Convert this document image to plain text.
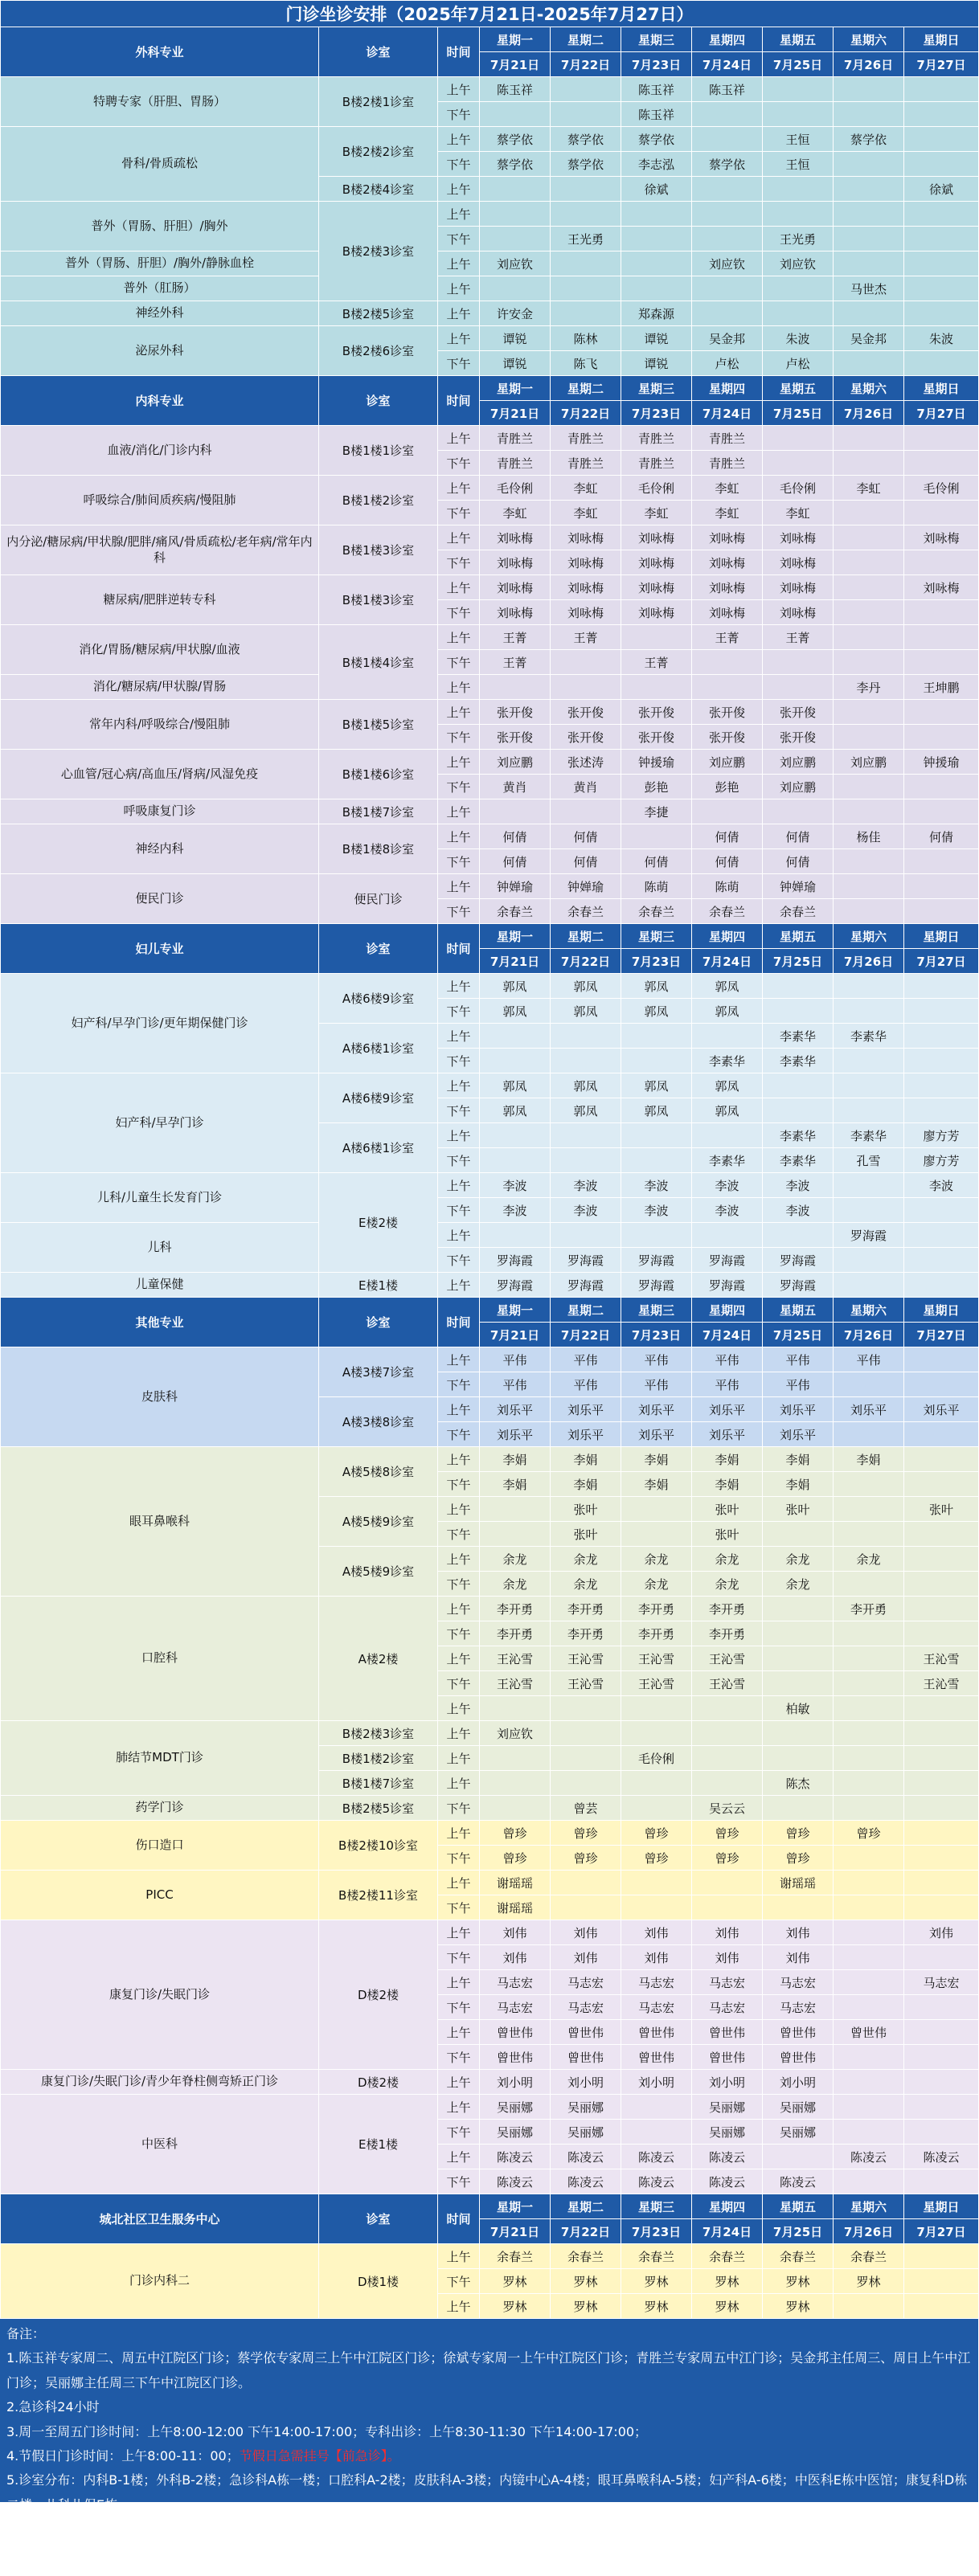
门诊坐诊安排（2025年7月21日-2025年7月27日）									
外科专业	诊室	时间	星期一	星期二	星期三	星期四	星期五	星期六	星期日
			7月21日	7月22日	7月23日	7月24日	7月25日	7月26日	7月27日
特聘专家（肝胆、胃肠）	B楼2楼1诊室	上午	陈玉祥		陈玉祥	陈玉祥			
		下午			陈玉祥				
骨科/骨质疏松	B楼2楼2诊室	上午	蔡学依	蔡学依	蔡学依		王恒	蔡学依	
		下午	蔡学依	蔡学依	李志泓	蔡学依	王恒		
	B楼2楼4诊室	上午			徐斌				徐斌
普外（胃肠、肝胆）/胸外	B楼2楼3诊室	上午							
		下午		王光勇			王光勇		
普外（胃肠、肝胆）/胸外/静脉血栓		上午	刘应钦			刘应钦	刘应钦		
普外（肛肠）		上午						马世杰	
神经外科	B楼2楼5诊室	上午	许安金		郑森源				
泌尿外科	B楼2楼6诊室	上午	谭锐	陈林	谭锐	吴金邦	朱波	吴金邦	朱波
		下午	谭锐	陈飞	谭锐	卢松	卢松		
内科专业	诊室	时间	星期一	星期二	星期三	星期四	星期五	星期六	星期日
			7月21日	7月22日	7月23日	7月24日	7月25日	7月26日	7月27日
血液/消化/门诊内科	B楼1楼1诊室	上午	青胜兰	青胜兰	青胜兰	青胜兰			
		下午	青胜兰	青胜兰	青胜兰	青胜兰			
呼吸综合/肺间质疾病/慢阻肺	B楼1楼2诊室	上午	毛伶俐	李虹	毛伶俐	李虹	毛伶俐	李虹	毛伶俐
		下午	李虹	李虹	李虹	李虹	李虹		
内分泌/糖尿病/甲状腺/肥胖/痛风/骨质疏松/老年病/常年内科	B楼1楼3诊室	上午	刘咏梅	刘咏梅	刘咏梅	刘咏梅	刘咏梅		刘咏梅
		下午	刘咏梅	刘咏梅	刘咏梅	刘咏梅	刘咏梅		
糖尿病/肥胖逆转专科	B楼1楼3诊室	上午	刘咏梅	刘咏梅	刘咏梅	刘咏梅	刘咏梅		刘咏梅
		下午	刘咏梅	刘咏梅	刘咏梅	刘咏梅	刘咏梅		
消化/胃肠/糖尿病/甲状腺/血液	B楼1楼4诊室	上午	王菁	王菁		王菁	王菁		
		下午	王菁		王菁				
消化/糖尿病/甲状腺/胃肠		上午						李丹	王坤鹏
常年内科/呼吸综合/慢阻肺	B楼1楼5诊室	上午	张开俊	张开俊	张开俊	张开俊	张开俊		
		下午	张开俊	张开俊	张开俊	张开俊	张开俊		
心血管/冠心病/高血压/肾病/风湿免疫	B楼1楼6诊室	上午	刘应鹏	张述涛	钟援瑜	刘应鹏	刘应鹏	刘应鹏	钟援瑜
		下午	黄肖	黄肖	彭艳	彭艳	刘应鹏		
呼吸康复门诊	B楼1楼7诊室	上午			李捷				
神经内科	B楼1楼8诊室	上午	何倩	何倩		何倩	何倩	杨佳	何倩
		下午	何倩	何倩	何倩	何倩	何倩		
便民门诊	便民门诊	上午	钟婵瑜	钟婵瑜	陈萌	陈萌	钟婵瑜		
		下午	余春兰	余春兰	余春兰	余春兰	余春兰		
妇儿专业	诊室	时间	星期一	星期二	星期三	星期四	星期五	星期六	星期日
			7月21日	7月22日	7月23日	7月24日	7月25日	7月26日	7月27日
妇产科/早孕门诊/更年期保健门诊	A楼6楼9诊室	上午	郭凤	郭凤	郭凤	郭凤			
		下午	郭凤	郭凤	郭凤	郭凤			
	A楼6楼1诊室	上午					李素华	李素华	
		下午				李素华	李素华		
妇产科/早孕门诊	A楼6楼9诊室	上午	郭凤	郭凤	郭凤	郭凤			
		下午	郭凤	郭凤	郭凤	郭凤			
	A楼6楼1诊室	上午					李素华	李素华	廖方芳
		下午				李素华	李素华	孔雪	廖方芳
儿科/儿童生长发育门诊	E楼2楼	上午	李波	李波	李波	李波	李波		李波
		下午	李波	李波	李波	李波	李波		
儿科		上午						罗海霞	
		下午	罗海霞	罗海霞	罗海霞	罗海霞	罗海霞		
儿童保健	E楼1楼	上午	罗海霞	罗海霞	罗海霞	罗海霞	罗海霞		
其他专业	诊室	时间	星期一	星期二	星期三	星期四	星期五	星期六	星期日
			7月21日	7月22日	7月23日	7月24日	7月25日	7月26日	7月27日
皮肤科	A楼3楼7诊室	上午	平伟	平伟	平伟	平伟	平伟	平伟	
		下午	平伟	平伟	平伟	平伟	平伟		
	A楼3楼8诊室	上午	刘乐平	刘乐平	刘乐平	刘乐平	刘乐平	刘乐平	刘乐平
		下午	刘乐平	刘乐平	刘乐平	刘乐平	刘乐平		
眼耳鼻喉科	A楼5楼8诊室	上午	李娟	李娟	李娟	李娟	李娟	李娟	
		下午	李娟	李娟	李娟	李娟	李娟		
	A楼5楼9诊室	上午		张叶		张叶	张叶		张叶
		下午		张叶		张叶			
	A楼5楼9诊室	上午	余龙	余龙	余龙	余龙	余龙	余龙	
		下午	余龙	余龙	余龙	余龙	余龙		
口腔科	A楼2楼	上午	李开勇	李开勇	李开勇	李开勇		李开勇	
		下午	李开勇	李开勇	李开勇	李开勇			
		上午	王沁雪	王沁雪	王沁雪	王沁雪			王沁雪
		下午	王沁雪	王沁雪	王沁雪	王沁雪			王沁雪
		上午					柏敏		
肺结节MDT门诊	B楼2楼3诊室	上午	刘应钦						
	B楼1楼2诊室	上午			毛伶俐				
	B楼1楼7诊室	上午					陈杰		
药学门诊	B楼2楼5诊室	下午		曾芸		吴云云			
伤口造口	B楼2楼10诊室	上午	曾珍	曾珍	曾珍	曾珍	曾珍	曾珍	
		下午	曾珍	曾珍	曾珍	曾珍	曾珍		
PICC	B楼2楼11诊室	上午	谢瑶瑶				谢瑶瑶		
		下午	谢瑶瑶						
康复门诊/失眠门诊	D楼2楼	上午	刘伟	刘伟	刘伟	刘伟	刘伟		刘伟
		下午	刘伟	刘伟	刘伟	刘伟	刘伟		
		上午	马志宏	马志宏	马志宏	马志宏	马志宏		马志宏
		下午	马志宏	马志宏	马志宏	马志宏	马志宏		
		上午	曾世伟	曾世伟	曾世伟	曾世伟	曾世伟	曾世伟	
		下午	曾世伟	曾世伟	曾世伟	曾世伟	曾世伟		
康复门诊/失眠门诊/青少年脊柱侧弯矫正门诊	D楼2楼	上午	刘小明	刘小明	刘小明	刘小明	刘小明		
中医科	E楼1楼	上午	吴丽娜	吴丽娜		吴丽娜	吴丽娜		
		下午	吴丽娜	吴丽娜		吴丽娜	吴丽娜		
		上午	陈凌云	陈凌云	陈凌云	陈凌云		陈凌云	陈凌云
		下午	陈凌云	陈凌云	陈凌云	陈凌云	陈凌云		
城北社区卫生服务中心	诊室	时间	星期一	星期二	星期三	星期四	星期五	星期六	星期日
			7月21日	7月22日	7月23日	7月24日	7月25日	7月26日	7月27日
门诊内科二	D楼1楼	上午	余春兰	余春兰	余春兰	余春兰	余春兰	余春兰	
		下午	罗林	罗林	罗林	罗林	罗林	罗林	
		上午	罗林	罗林	罗林	罗林	罗林		
备注：
1.陈玉祥专家周二、周五中江院区门诊；蔡学依专家周三上午中江院区门诊；徐斌专家周一上午中江院区门诊；青胜兰专家周五中江门诊；吴金邦主任周三、周日上午中江门诊；吴丽娜主任周三下午中江院区门诊。
2.急诊科24小时
3.周一至周五门诊时间：上午8:00-12:00 下午14:00-17:00；专科出诊：上午8:30-11:30 下午14:00-17:00；
4.节假日门诊时间：上午8:00-11：00；节假日急需挂号【前急诊】。
5.诊室分布：内科B-1楼；外科B-2楼；急诊科A栋一楼；口腔科A-2楼；皮肤科A-3楼；内镜中心A-4楼；眼耳鼻喉科A-5楼；妇产科A-6楼；中医科E栋中医馆；康复科D栋二楼；儿科儿保E栋。
